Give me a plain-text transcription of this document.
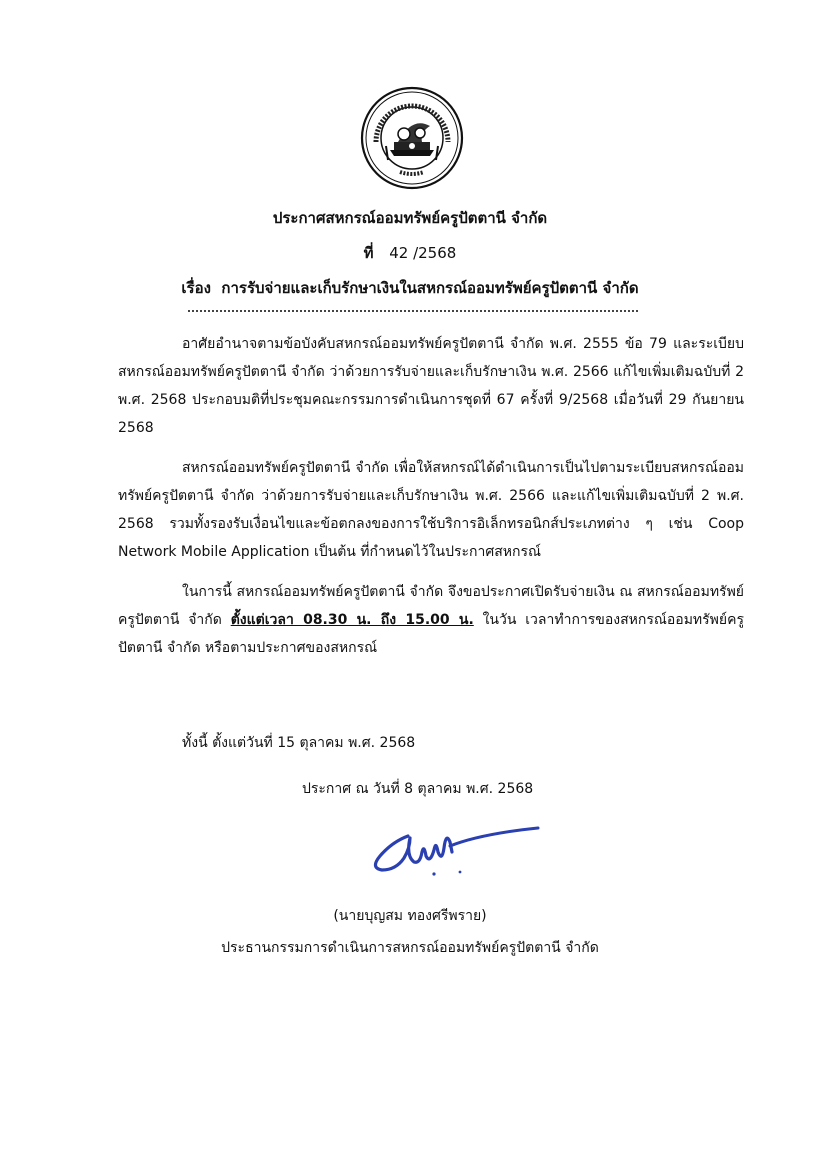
ประกาศสหกรณ์ออมทรัพย์ครูปัตตานี จำกัด
ที่ 42 /2568
เรื่อง การรับจ่ายและเก็บรักษาเงินในสหกรณ์ออมทรัพย์ครูปัตตานี จำกัด

อาศัยอำนาจตามข้อบังคับสหกรณ์ออมทรัพย์ครูปัตตานี จำกัด พ.ศ. 2555 ข้อ 79 และระเบียบสหกรณ์ออมทรัพย์ครูปัตตานี จำกัด ว่าด้วยการรับจ่ายและเก็บรักษาเงิน พ.ศ. 2566 แก้ไขเพิ่มเติมฉบับที่ 2 พ.ศ. 2568 ประกอบมติที่ประชุมคณะกรรมการดำเนินการชุดที่ 67 ครั้งที่ 9/2568 เมื่อวันที่ 29 กันยายน 2568

สหกรณ์ออมทรัพย์ครูปัตตานี จำกัด เพื่อให้สหกรณ์ได้ดำเนินการเป็นไปตามระเบียบสหกรณ์ออมทรัพย์ครูปัตตานี จำกัด ว่าด้วยการรับจ่ายและเก็บรักษาเงิน พ.ศ. 2566 และแก้ไขเพิ่มเติมฉบับที่ 2 พ.ศ. 2568 รวมทั้งรองรับเงื่อนไขและข้อตกลงของการใช้บริการอิเล็กทรอนิกส์ประเภทต่าง ๆ เช่น Coop Network Mobile Application เป็นต้น ที่กำหนดไว้ในประกาศสหกรณ์

ในการนี้ สหกรณ์ออมทรัพย์ครูปัตตานี จำกัด จึงขอประกาศเปิดรับจ่ายเงิน ณ สหกรณ์ออมทรัพย์ครูปัตตานี จำกัด ตั้งแต่เวลา 08.30 น. ถึง 15.00 น. ในวัน เวลาทำการของสหกรณ์ออมทรัพย์ครูปัตตานี จำกัด หรือตามประกาศของสหกรณ์

ทั้งนี้ ตั้งแต่วันที่ 15 ตุลาคม พ.ศ. 2568
ประกาศ ณ วันที่ 8 ตุลาคม พ.ศ. 2568
(นายบุญสม ทองศรีพราย)
ประธานกรรมการดำเนินการสหกรณ์ออมทรัพย์ครูปัตตานี จำกัด
